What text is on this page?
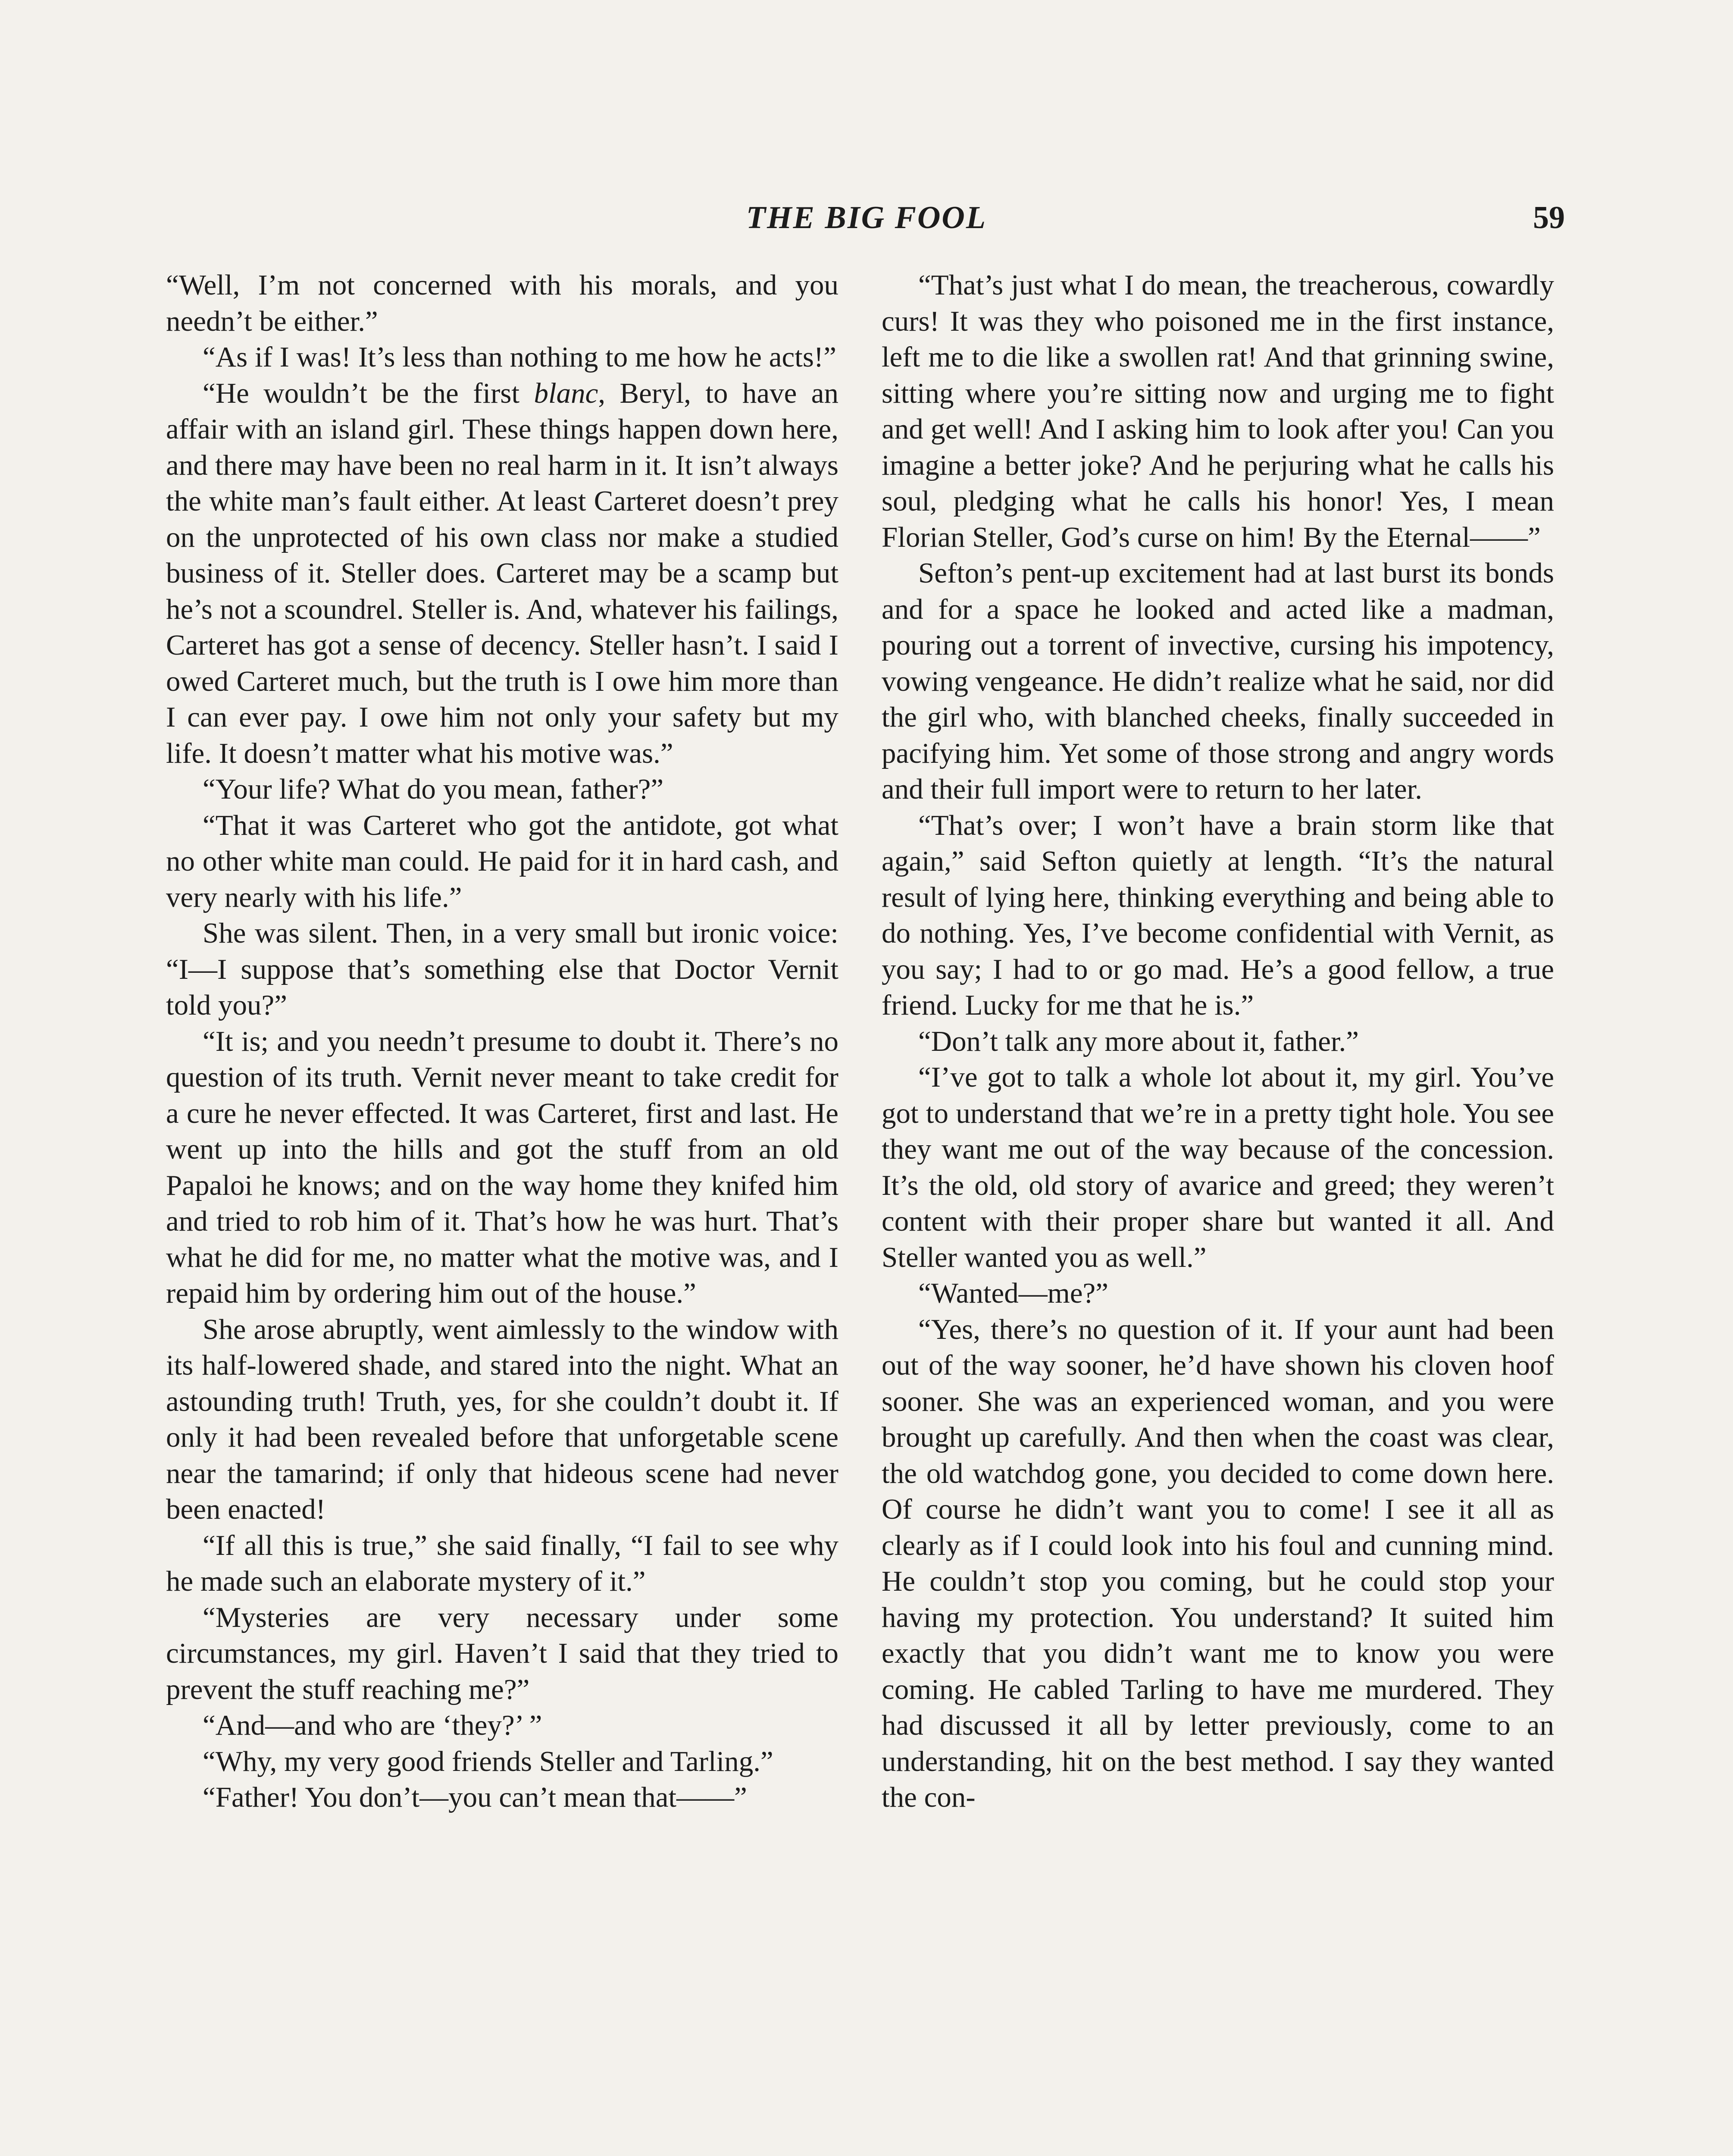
THE BIG FOOL	59

“Well, I’m not concerned with his morals, and you needn’t be either.”

“As if I was! It’s less than nothing to me how he acts!”

“He wouldn’t be the first blanc, Beryl, to have an affair with an island girl. These things happen down here, and there may have been no real harm in it. It isn’t always the white man’s fault either. At least Carteret doesn’t prey on the unprotected of his own class nor make a studied business of it. Steller does. Carteret may be a scamp but he’s not a scoundrel. Steller is. And, whatever his failings, Carteret has got a sense of decency. Steller hasn’t. I said I owed Carteret much, but the truth is I owe him more than I can ever pay. I owe him not only your safety but my life. It doesn’t matter what his motive was.”

“Your life? What do you mean, father?”

“That it was Carteret who got the antidote, got what no other white man could. He paid for it in hard cash, and very nearly with his life.”

She was silent. Then, in a very small but ironic voice: “I—I suppose that’s something else that Doctor Vernit told you?”

“It is; and you needn’t presume to doubt it. There’s no question of its truth. Vernit never meant to take credit for a cure he never effected. It was Carteret, first and last. He went up into the hills and got the stuff from an old Papaloi he knows; and on the way home they knifed him and tried to rob him of it. That’s how he was hurt. That’s what he did for me, no matter what the motive was, and I repaid him by ordering him out of the house.”

She arose abruptly, went aimlessly to the window with its half-lowered shade, and stared into the night. What an astounding truth! Truth, yes, for she couldn’t doubt it. If only it had been revealed before that unforgetable scene near the tamarind; if only that hideous scene had never been enacted!

“If all this is true,” she said finally, “I fail to see why he made such an elaborate mystery of it.”

“Mysteries are very necessary under some circumstances, my girl. Haven’t I said that they tried to prevent the stuff reaching me?”

“And—and who are ‘they?’ ”

“Why, my very good friends Steller and Tarling.”

“Father! You don’t—you can’t mean that——”

“That’s just what I do mean, the treacherous, cowardly curs! It was they who poisoned me in the first instance, left me to die like a swollen rat! And that grinning swine, sitting where you’re sitting now and urging me to fight and get well! And I asking him to look after you! Can you imagine a better joke? And he perjuring what he calls his soul, pledging what he calls his honor! Yes, I mean Florian Steller, God’s curse on him! By the Eternal——”

Sefton’s pent-up excitement had at last burst its bonds and for a space he looked and acted like a madman, pouring out a torrent of invective, cursing his impotency, vowing vengeance. He didn’t realize what he said, nor did the girl who, with blanched cheeks, finally succeeded in pacifying him. Yet some of those strong and angry words and their full import were to return to her later.

“That’s over; I won’t have a brain storm like that again,” said Sefton quietly at length. “It’s the natural result of lying here, thinking everything and being able to do nothing. Yes, I’ve become confidential with Vernit, as you say; I had to or go mad. He’s a good fellow, a true friend. Lucky for me that he is.”

“Don’t talk any more about it, father.”

“I’ve got to talk a whole lot about it, my girl. You’ve got to understand that we’re in a pretty tight hole. You see they want me out of the way because of the concession. It’s the old, old story of avarice and greed; they weren’t content with their proper share but wanted it all. And Steller wanted you as well.”

“Wanted—me?”

“Yes, there’s no question of it. If your aunt had been out of the way sooner, he’d have shown his cloven hoof sooner. She was an experienced woman, and you were brought up carefully. And then when the coast was clear, the old watchdog gone, you decided to come down here. Of course he didn’t want you to come! I see it all as clearly as if I could look into his foul and cunning mind. He couldn’t stop you coming, but he could stop your having my protection. You understand? It suited him exactly that you didn’t want me to know you were coming. He cabled Tarling to have me murdered. They had discussed it all by letter previously, come to an understanding, hit on the best method. I say they wanted the con-
